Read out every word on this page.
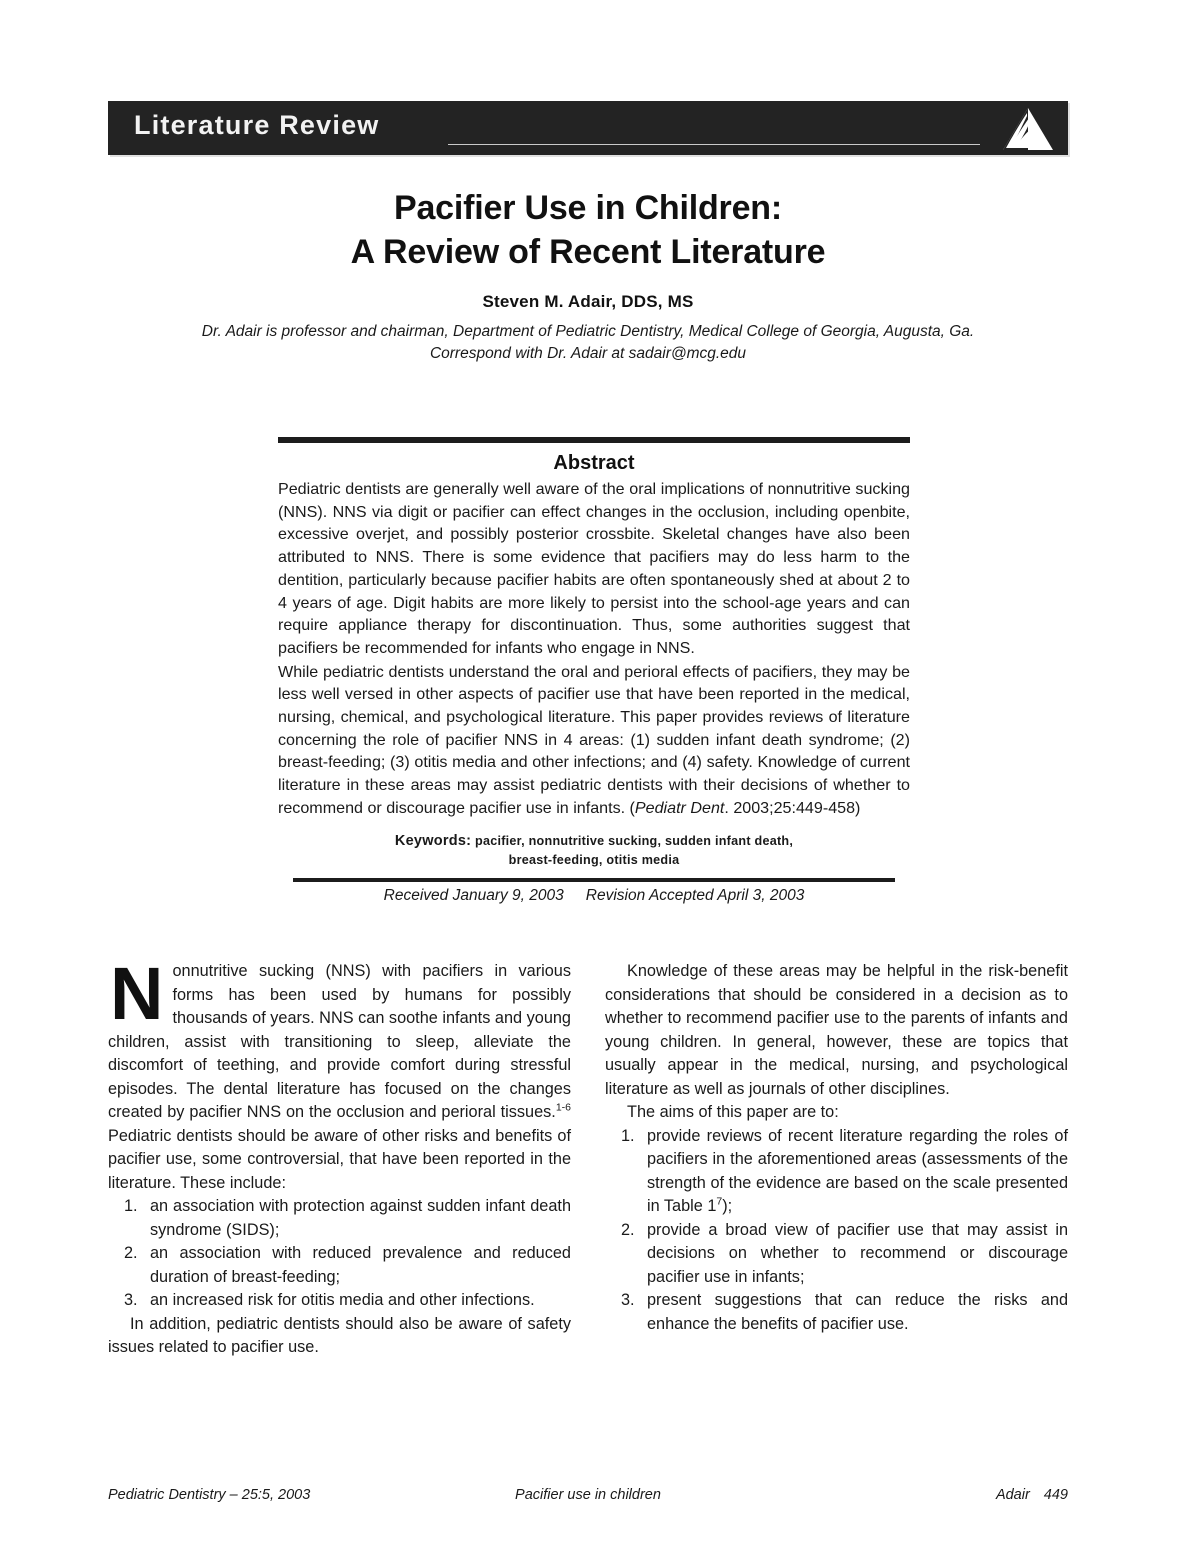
Literature Review
Pacifier Use in Children:
A Review of Recent Literature
Steven M. Adair, DDS, MS
Dr. Adair is professor and chairman, Department of Pediatric Dentistry, Medical College of Georgia, Augusta, Ga.
Correspond with Dr. Adair at sadair@mcg.edu
Abstract

Pediatric dentists are generally well aware of the oral implications of nonnutritive sucking (NNS). NNS via digit or pacifier can effect changes in the occlusion, including openbite, excessive overjet, and possibly posterior crossbite. Skeletal changes have also been attributed to NNS. There is some evidence that pacifiers may do less harm to the dentition, particularly because pacifier habits are often spontaneously shed at about 2 to 4 years of age. Digit habits are more likely to persist into the school-age years and can require appliance therapy for discontinuation. Thus, some authorities suggest that pacifiers be recommended for infants who engage in NNS.

While pediatric dentists understand the oral and perioral effects of pacifiers, they may be less well versed in other aspects of pacifier use that have been reported in the medical, nursing, chemical, and psychological literature. This paper provides reviews of literature concerning the role of pacifier NNS in 4 areas: (1) sudden infant death syndrome; (2) breast-feeding; (3) otitis media and other infections; and (4) safety. Knowledge of current literature in these areas may assist pediatric dentists with their decisions of whether to recommend or discourage pacifier use in infants. (Pediatr Dent. 2003;25:449-458)

Keywords: pacifier, nonnutritive sucking, sudden infant death,
breast-feeding, otitis media
Received January 9, 2003 Revision Accepted April 3, 2003

Nonnutritive sucking (NNS) with pacifiers in various forms has been used by humans for possibly thousands of years. NNS can soothe infants and young children, assist with transitioning to sleep, alleviate the discomfort of teething, and provide comfort during stressful episodes. The dental literature has focused on the changes created by pacifier NNS on the occlusion and perioral tissues.$^{1-6}$ Pediatric dentists should be aware of other risks and benefits of pacifier use, some controversial, that have been reported in the literature. These include:

1. an association with protection against sudden infant death syndrome (SIDS);
2. an association with reduced prevalence and reduced duration of breast-feeding;
3. an increased risk for otitis media and other infections.

In addition, pediatric dentists should also be aware of safety issues related to pacifier use.

Knowledge of these areas may be helpful in the risk-benefit considerations that should be considered in a decision as to whether to recommend pacifier use to the parents of infants and young children. In general, however, these are topics that usually appear in the medical, nursing, and psychological literature as well as journals of other disciplines.

The aims of this paper are to:

1. provide reviews of recent literature regarding the roles of pacifiers in the aforementioned areas (assessments of the strength of the evidence are based on the scale presented in Table $1^7$);
2. provide a broad view of pacifier use that may assist in decisions on whether to recommend or discourage pacifier use in infants;
3. present suggestions that can reduce the risks and enhance the benefits of pacifier use.
Pediatric Dentistry – 25:5, 2003	Pacifier use in children	Adair 449
